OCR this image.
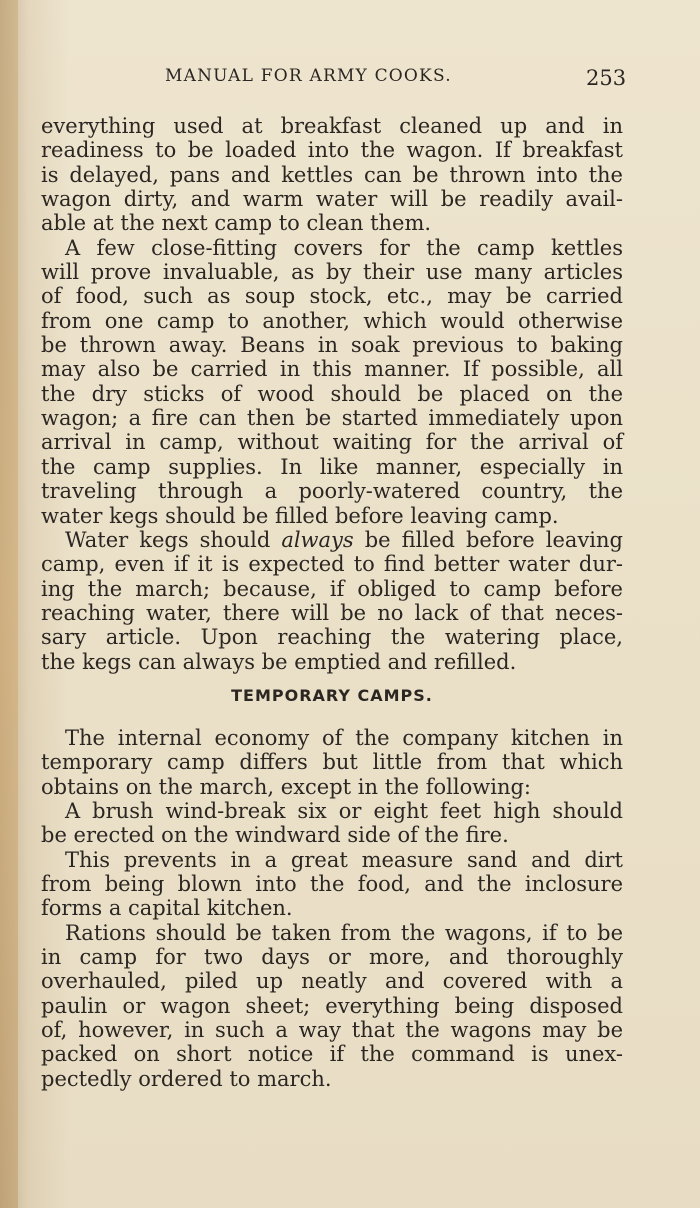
MANUAL FOR ARMY COOKS.	253
everything used at breakfast cleaned up and in
readiness to be loaded into the wagon. If breakfast
is delayed, pans and kettles can be thrown into the
wagon dirty, and warm water will be readily avail-
able at the next camp to clean them.
A few close-fitting covers for the camp kettles
will prove invaluable, as by their use many articles
of food, such as soup stock, etc., may be carried
from one camp to another, which would otherwise
be thrown away. Beans in soak previous to baking
may also be carried in this manner. If possible, all
the dry sticks of wood should be placed on the
wagon; a fire can then be started immediately upon
arrival in camp, without waiting for the arrival of
the camp supplies. In like manner, especially in
traveling through a poorly-watered country, the
water kegs should be filled before leaving camp.
Water kegs should always be filled before leaving
camp, even if it is expected to find better water dur-
ing the march; because, if obliged to camp before
reaching water, there will be no lack of that neces-
sary article. Upon reaching the watering place,
the kegs can always be emptied and refilled.
TEMPORARY CAMPS.
The internal economy of the company kitchen in
temporary camp differs but little from that which
obtains on the march, except in the following:
A brush wind-break six or eight feet high should
be erected on the windward side of the fire.
This prevents in a great measure sand and dirt
from being blown into the food, and the inclosure
forms a capital kitchen.
Rations should be taken from the wagons, if to be
in camp for two days or more, and thoroughly
overhauled, piled up neatly and covered with a
paulin or wagon sheet; everything being disposed
of, however, in such a way that the wagons may be
packed on short notice if the command is unex-
pectedly ordered to march.
